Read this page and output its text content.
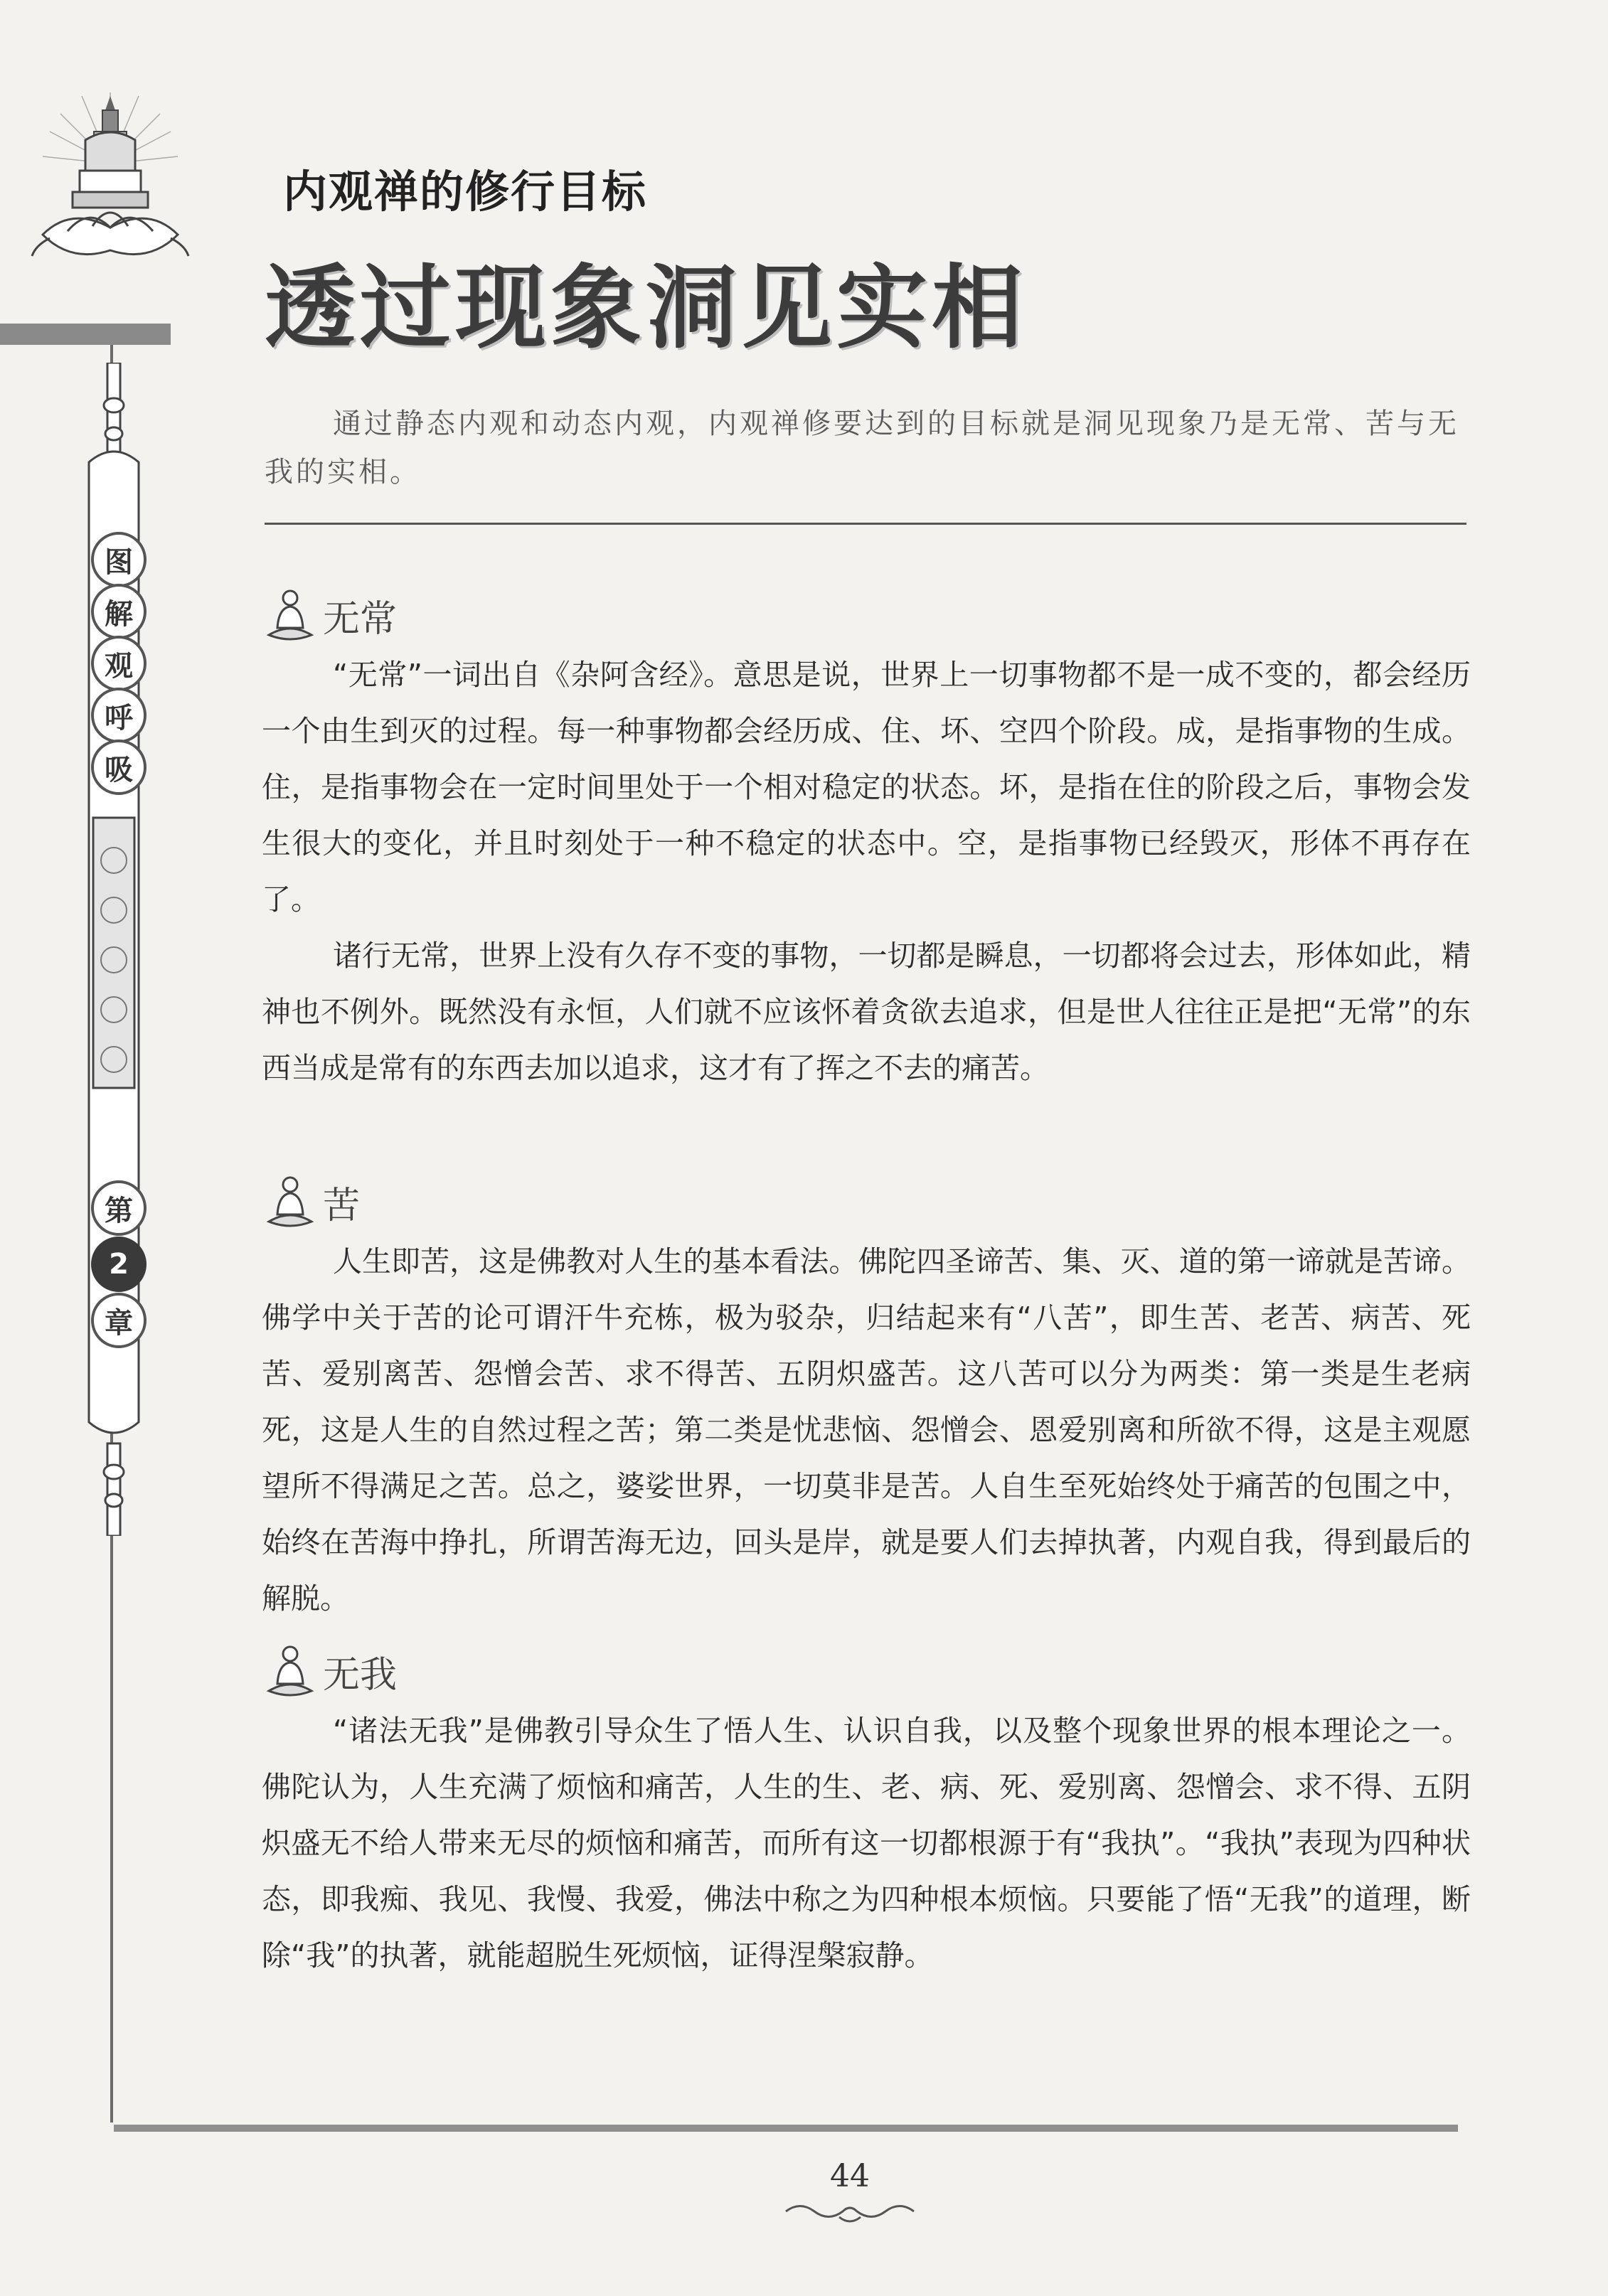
图
解
观
呼
吸
第
2
章
内观禅的修行目标
透过现象洞见实相

通过静态内观和动态内观，内观禅修要达到的目标就是洞见现象乃是无常、苦与无我的实相。

无常

“无常”一词出自《杂阿含经》。意思是说，世界上一切事物都不是一成不变的，都会经历一个由生到灭的过程。每一种事物都会经历成、住、坏、空四个阶段。成，是指事物的生成。住，是指事物会在一定时间里处于一个相对稳定的状态。坏，是指在住的阶段之后，事物会发生很大的变化，并且时刻处于一种不稳定的状态中。空，是指事物已经毁灭，形体不再存在了。

诸行无常，世界上没有久存不变的事物，一切都是瞬息，一切都将会过去，形体如此，精神也不例外。既然没有永恒，人们就不应该怀着贪欲去追求，但是世人往往正是把“无常”的东西当成是常有的东西去加以追求，这才有了挥之不去的痛苦。

苦

人生即苦，这是佛教对人生的基本看法。佛陀四圣谛苦、集、灭、道的第一谛就是苦谛。佛学中关于苦的论可谓汗牛充栋，极为驳杂，归结起来有“八苦”，即生苦、老苦、病苦、死苦、爱别离苦、怨憎会苦、求不得苦、五阴炽盛苦。这八苦可以分为两类：第一类是生老病死，这是人生的自然过程之苦；第二类是忧悲恼、怨憎会、恩爱别离和所欲不得，这是主观愿望所不得满足之苦。总之，婆娑世界，一切莫非是苦。人自生至死始终处于痛苦的包围之中，始终在苦海中挣扎，所谓苦海无边，回头是岸，就是要人们去掉执著，内观自我，得到最后的解脱。

无我

“诸法无我”是佛教引导众生了悟人生、认识自我，以及整个现象世界的根本理论之一。佛陀认为，人生充满了烦恼和痛苦，人生的生、老、病、死、爱别离、怨憎会、求不得、五阴炽盛无不给人带来无尽的烦恼和痛苦，而所有这一切都根源于有“我执”。“我执”表现为四种状态，即我痴、我见、我慢、我爱，佛法中称之为四种根本烦恼。只要能了悟“无我”的道理，断除“我”的执著，就能超脱生死烦恼，证得涅槃寂静。

44
